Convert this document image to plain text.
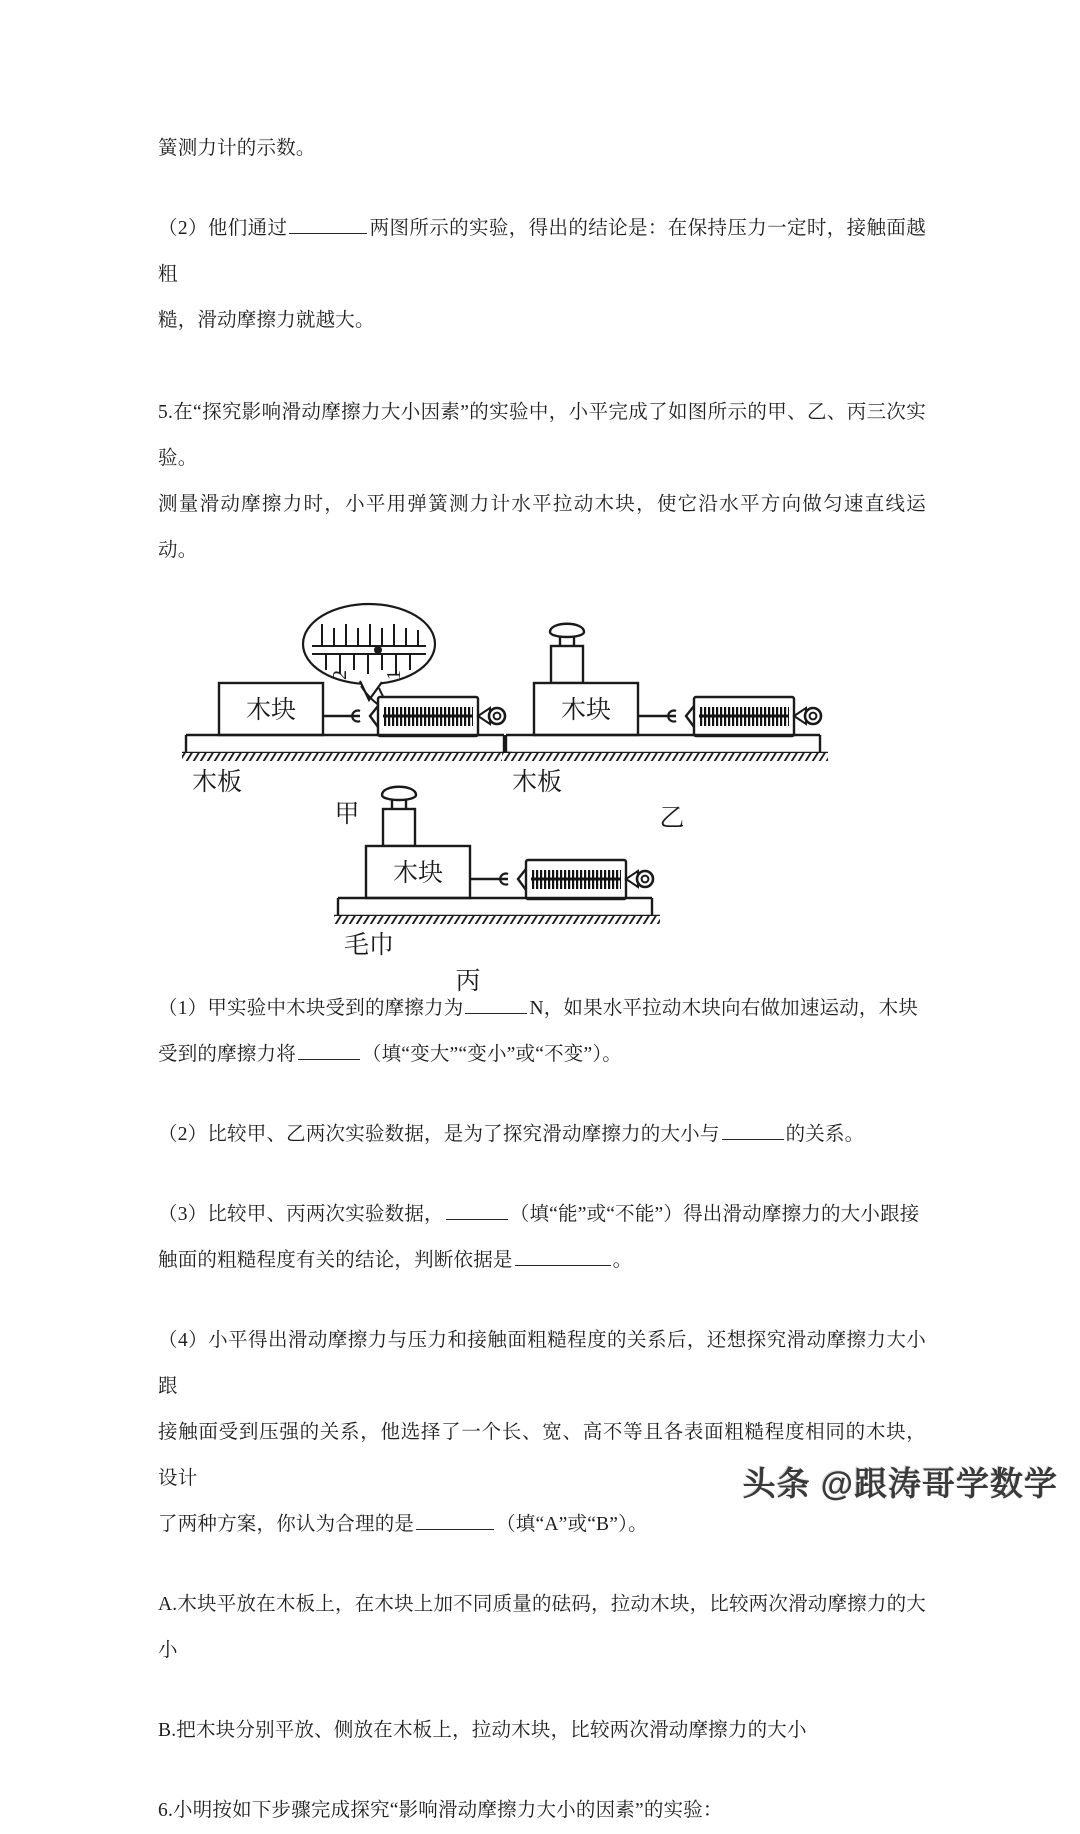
簧测力计的示数。

（2）他们通过	两图所示的实验，得出的结论是：在保持压力一定时，接触面越粗

糙，滑动摩擦力就越大。

5.在“探究影响滑动摩擦力大小因素”的实验中，小平完成了如图所示的甲、乙、丙三次实验。

测量滑动摩擦力时，小平用弹簧测力计水平拉动木块，使它沿水平方向做匀速直线运动。

2 1
木块
木板
甲
木块
木板
乙
木块
毛巾
丙

（1）甲实验中木块受到的摩擦力为	N，如果水平拉动木块向右做加速运动，木块

受到的摩擦力将	（填“变大”“变小”或“不变”）。

（2）比较甲、乙两次实验数据，是为了探究滑动摩擦力的大小与	的关系。

（3）比较甲、丙两次实验数据，	（填“能”或“不能”）得出滑动摩擦力的大小跟接

触面的粗糙程度有关的结论，判断依据是	。

（4）小平得出滑动摩擦力与压力和接触面粗糙程度的关系后，还想探究滑动摩擦力大小跟

接触面受到压强的关系，他选择了一个长、宽、高不等且各表面粗糙程度相同的木块，设计

了两种方案，你认为合理的是	（填“A”或“B”）。

A.木块平放在木板上，在木块上加不同质量的砝码，拉动木块，比较两次滑动摩擦力的大小

B.把木块分别平放、侧放在木板上，拉动木块，比较两次滑动摩擦力的大小

6.小明按如下步骤完成探究“影响滑动摩擦力大小的因素”的实验：

头条 @跟涛哥学数学
